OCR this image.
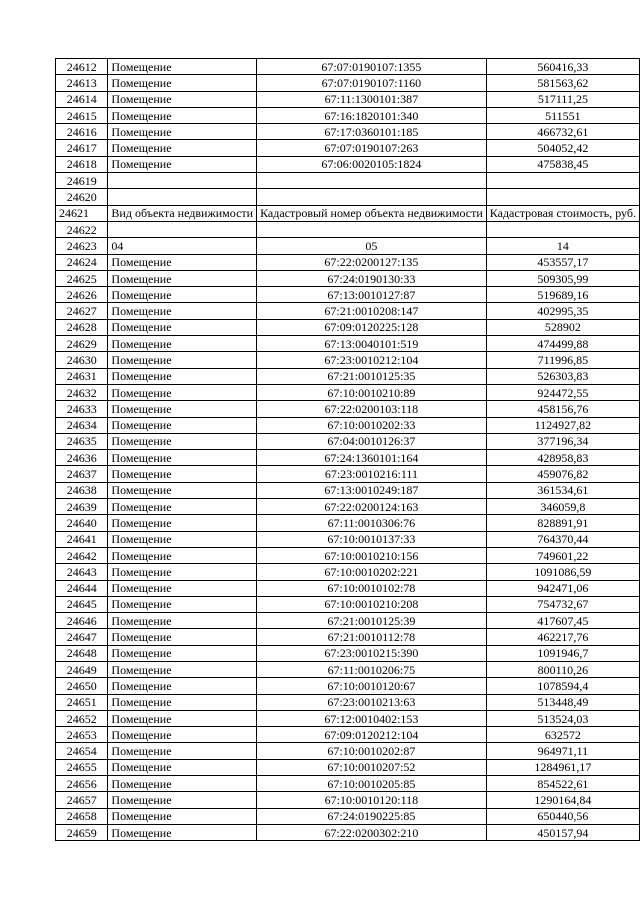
24612	Помещение	67:07:0190107:1355	560416,33
24613	Помещение	67:07:0190107:1160	581563,62
24614	Помещение	67:11:1300101:387	517111,25
24615	Помещение	67:16:1820101:340	511551
24616	Помещение	67:17:0360101:185	466732,61
24617	Помещение	67:07:0190107:263	504052,42
24618	Помещение	67:06:0020105:1824	475838,45
24619			
24620			
24621	Вид объекта недвижимости	Кадастровый номер объекта недвижимости	Кадастровая стоимость, руб.
24622			
24623	04	05	14
24624	Помещение	67:22:0200127:135	453557,17
24625	Помещение	67:24:0190130:33	509305,99
24626	Помещение	67:13:0010127:87	519689,16
24627	Помещение	67:21:0010208:147	402995,35
24628	Помещение	67:09:0120225:128	528902
24629	Помещение	67:13:0040101:519	474499,88
24630	Помещение	67:23:0010212:104	711996,85
24631	Помещение	67:21:0010125:35	526303,83
24632	Помещение	67:10:0010210:89	924472,55
24633	Помещение	67:22:0200103:118	458156,76
24634	Помещение	67:10:0010202:33	1124927,82
24635	Помещение	67:04:0010126:37	377196,34
24636	Помещение	67:24:1360101:164	428958,83
24637	Помещение	67:23:0010216:111	459076,82
24638	Помещение	67:13:0010249:187	361534,61
24639	Помещение	67:22:0200124:163	346059,8
24640	Помещение	67:11:0010306:76	828891,91
24641	Помещение	67:10:0010137:33	764370,44
24642	Помещение	67:10:0010210:156	749601,22
24643	Помещение	67:10:0010202:221	1091086,59
24644	Помещение	67:10:0010102:78	942471,06
24645	Помещение	67:10:0010210:208	754732,67
24646	Помещение	67:21:0010125:39	417607,45
24647	Помещение	67:21:0010112:78	462217,76
24648	Помещение	67:23:0010215:390	1091946,7
24649	Помещение	67:11:0010206:75	800110,26
24650	Помещение	67:10:0010120:67	1078594,4
24651	Помещение	67:23:0010213:63	513448,49
24652	Помещение	67:12:0010402:153	513524,03
24653	Помещение	67:09:0120212:104	632572
24654	Помещение	67:10:0010202:87	964971,11
24655	Помещение	67:10:0010207:52	1284961,17
24656	Помещение	67:10:0010205:85	854522,61
24657	Помещение	67:10:0010120:118	1290164,84
24658	Помещение	67:24:0190225:85	650440,56
24659	Помещение	67:22:0200302:210	450157,94
